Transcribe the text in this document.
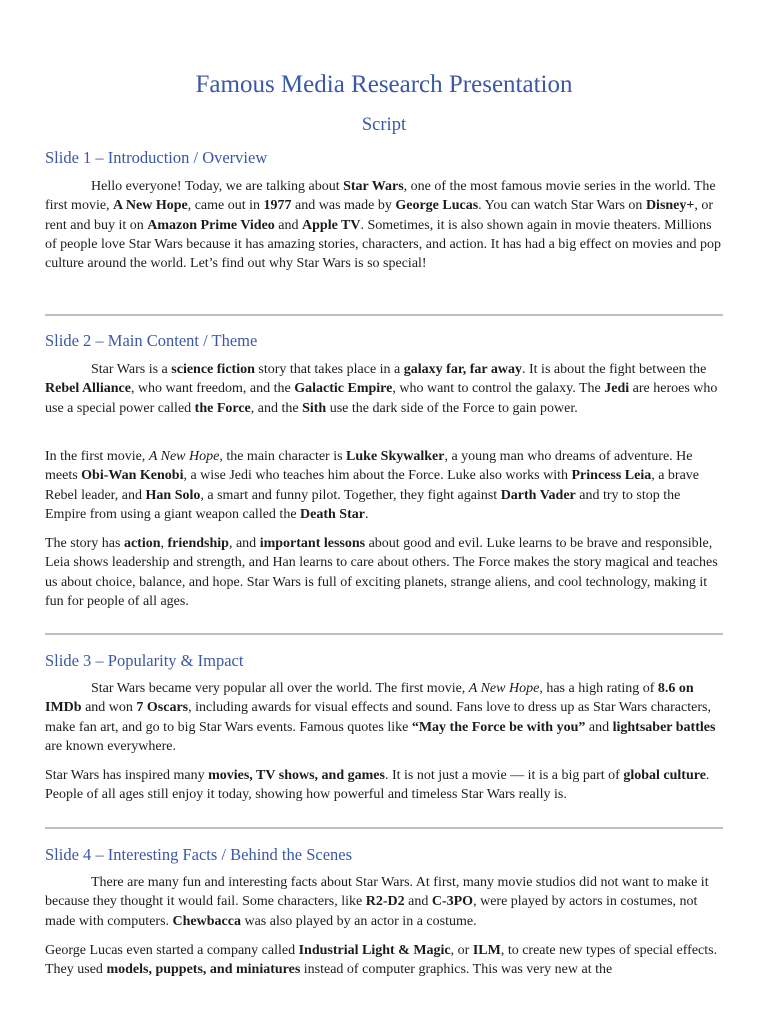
Famous Media Research Presentation
Script
Slide 1 – Introduction / Overview

Hello everyone! Today, we are talking about Star Wars, one of the most famous movie series in the world. The first movie, A New Hope, came out in 1977 and was made by George Lucas. You can watch Star Wars on Disney+, or rent and buy it on Amazon Prime Video and Apple TV. Sometimes, it is also shown again in movie theaters. Millions of people love Star Wars because it has amazing stories, characters, and action. It has had a big effect on movies and pop culture around the world. Let’s find out why Star Wars is so special!

Slide 2 – Main Content / Theme

Star Wars is a science fiction story that takes place in a galaxy far, far away. It is about the fight between the Rebel Alliance, who want freedom, and the Galactic Empire, who want to control the galaxy. The Jedi are heroes who use a special power called the Force, and the Sith use the dark side of the Force to gain power.

In the first movie, A New Hope, the main character is Luke Skywalker, a young man who dreams of adventure. He meets Obi-Wan Kenobi, a wise Jedi who teaches him about the Force. Luke also works with Princess Leia, a brave Rebel leader, and Han Solo, a smart and funny pilot. Together, they fight against Darth Vader and try to stop the Empire from using a giant weapon called the Death Star.

The story has action, friendship, and important lessons about good and evil. Luke learns to be brave and responsible, Leia shows leadership and strength, and Han learns to care about others. The Force makes the story magical and teaches us about choice, balance, and hope. Star Wars is full of exciting planets, strange aliens, and cool technology, making it fun for people of all ages.

Slide 3 – Popularity & Impact

Star Wars became very popular all over the world. The first movie, A New Hope, has a high rating of 8.6 on IMDb and won 7 Oscars, including awards for visual effects and sound. Fans love to dress up as Star Wars characters, make fan art, and go to big Star Wars events. Famous quotes like “May the Force be with you” and lightsaber battles are known everywhere.

Star Wars has inspired many movies, TV shows, and games. It is not just a movie — it is a big part of global culture. People of all ages still enjoy it today, showing how powerful and timeless Star Wars really is.

Slide 4 – Interesting Facts / Behind the Scenes

There are many fun and interesting facts about Star Wars. At first, many movie studios did not want to make it because they thought it would fail. Some characters, like R2-D2 and C-3PO, were played by actors in costumes, not made with computers. Chewbacca was also played by an actor in a costume.

George Lucas even started a company called Industrial Light & Magic, or ILM, to create new types of special effects. They used models, puppets, and miniatures instead of computer graphics. This was very new at the
